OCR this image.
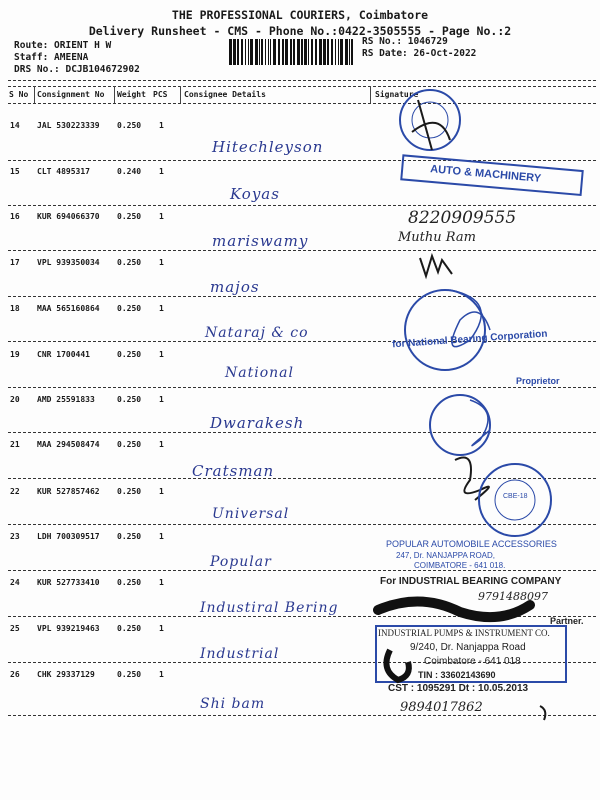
THE PROFESSIONAL COURIERS, Coimbatore
Delivery Runsheet - CMS - Phone No.:0422-3505555 - Page No.:2
Route: ORIENT H W
Staff: AMEENA
DRS No.: DCJB104672902
RS No.: 1046729
RS Date: 26-Oct-2022
S No Consignment No Weight PCS Consignee Details	Signature
14 JAL 530223339 0.250 1
Hitechleyson
15 CLT 4895317	0.240 1
Koyas
16 KUR 694066370 0.250 1
mariswamy
17 VPL 939350034 0.250 1
majos
18 MAA 565160864 0.250 1
Nataraj & co
19 CNR 1700441	0.250 1
National
20 AMD 25591833	0.250 1
Dwarakesh
21 MAA 294508474 0.250 1
Cratsman
22 KUR 527857462 0.250 1
Universal
23 LDH 700309517 0.250 1
Popular
24 KUR 527733410 0.250 1
Industiral Bering
25 VPL 939219463 0.250 1
Industrial
26 CHK 29337129	0.250 1
Shi bam
8220909555
Muthu Ram
AUTO & MACHINERY
for National Bearing Corporation
Proprietor
CBE-18
POPULAR AUTOMOBILE ACCESSORIES
247, Dr. NANJAPPA ROAD,
COIMBATORE - 641 018.
For INDUSTRIAL BEARING COMPANY
9791488097
Partner.
INDUSTRIAL PUMPS & INSTRUMENT CO.
9/240, Dr. Nanjappa Road
Coimbatore - 641 018
TIN : 33602143690
CST : 1095291 Dt : 10.05.2013
9894017862
